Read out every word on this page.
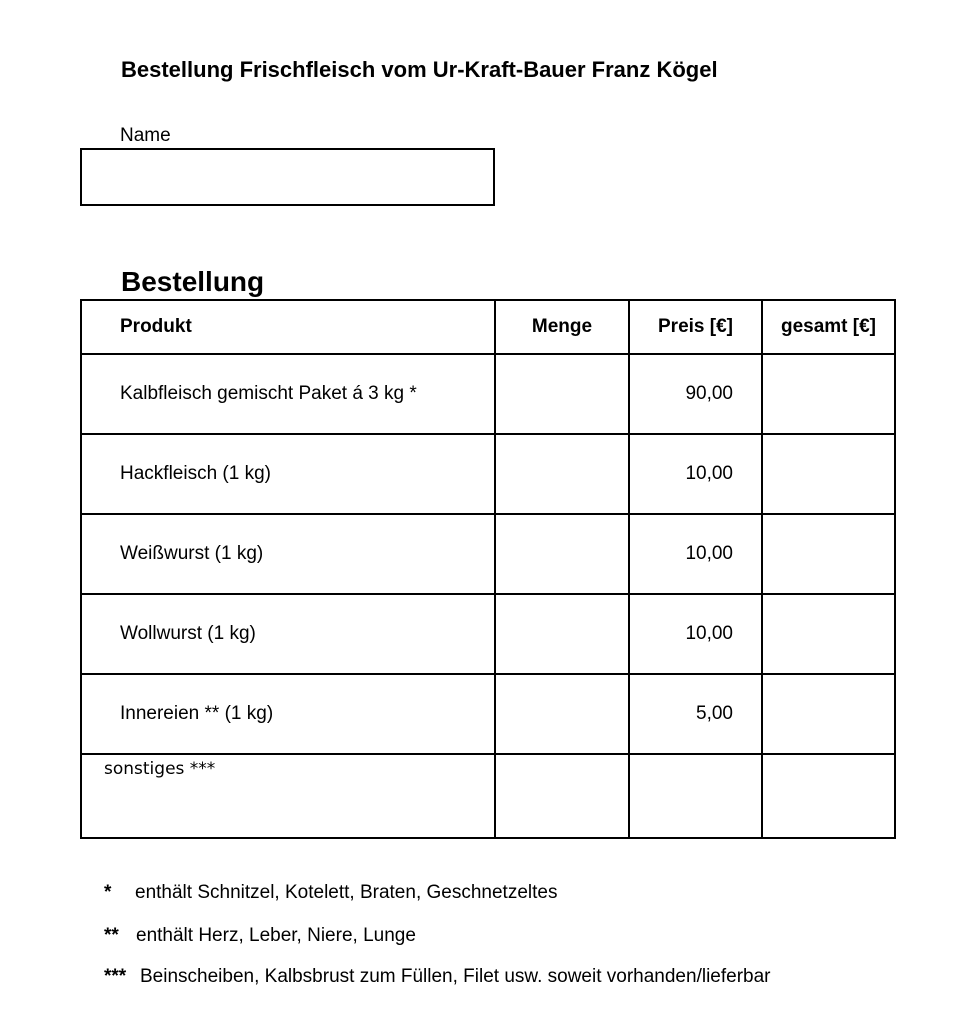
Bestellung Frischfleisch vom Ur-Kraft-Bauer Franz Kögel
Name
Bestellung
Produkt	Menge	Preis [€]	gesamt [€]
Kalbfleisch gemischt Paket á 3 kg *		90,00	
Hackfleisch (1 kg)		10,00	
Weißwurst (1 kg)		10,00	
Wollwurst (1 kg)		10,00	
Innereien ** (1 kg)		5,00	
sonstiges ***			
* enthält Schnitzel, Kotelett, Braten, Geschnetzeltes
** enthält Herz, Leber, Niere, Lunge
*** Beinscheiben, Kalbsbrust zum Füllen, Filet usw. soweit vorhanden/lieferbar
